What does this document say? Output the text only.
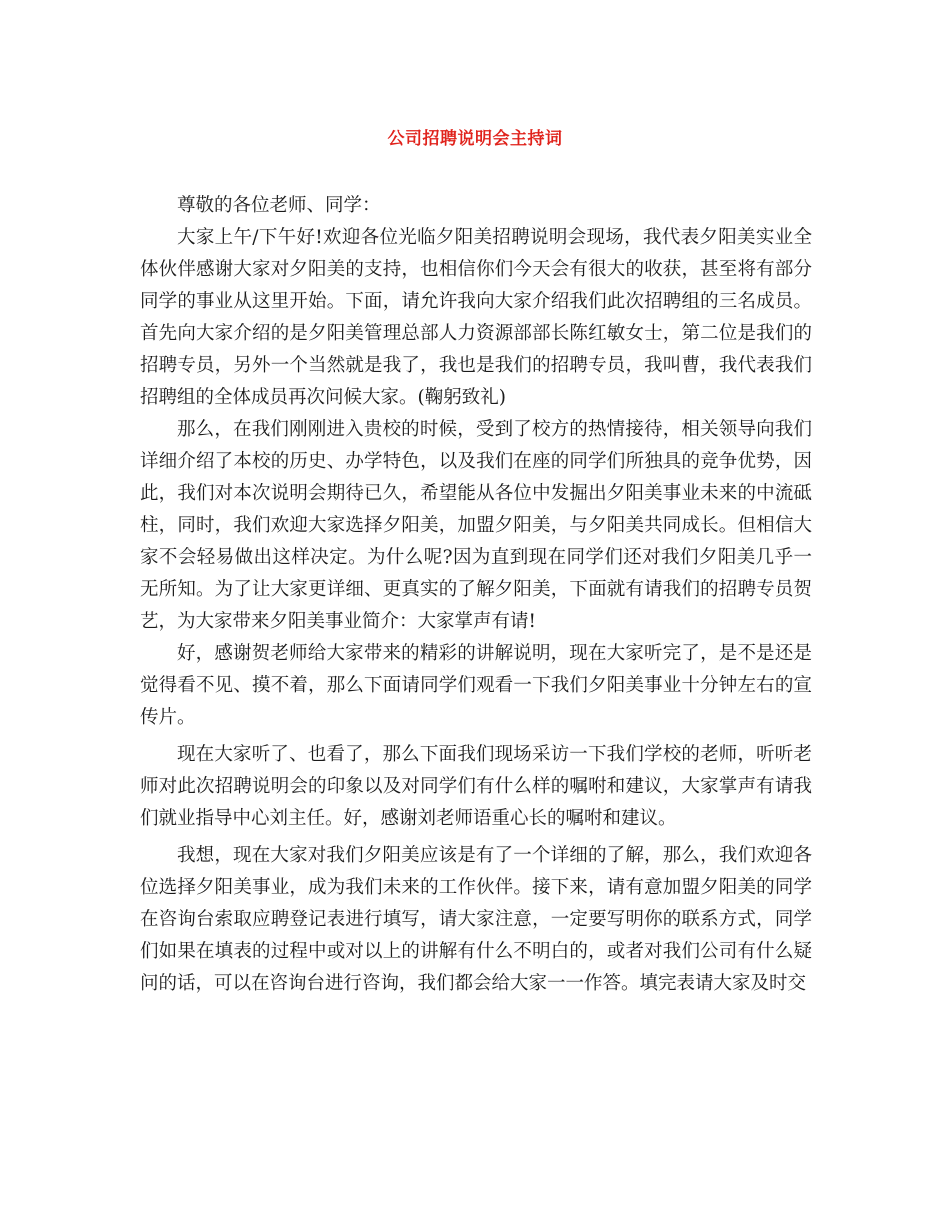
公司招聘说明会主持词

尊敬的各位老师、同学：

大家上午/下午好!欢迎各位光临夕阳美招聘说明会现场，我代表夕阳美实业全体伙伴感谢大家对夕阳美的支持，也相信你们今天会有很大的收获，甚至将有部分同学的事业从这里开始。下面，请允许我向大家介绍我们此次招聘组的三名成员。首先向大家介绍的是夕阳美管理总部人力资源部部长陈红敏女士，第二位是我们的招聘专员，另外一个当然就是我了，我也是我们的招聘专员，我叫曹，我代表我们招聘组的全体成员再次问候大家。(鞠躬致礼)

那么，在我们刚刚进入贵校的时候，受到了校方的热情接待，相关领导向我们详细介绍了本校的历史、办学特色，以及我们在座的同学们所独具的竞争优势，因此，我们对本次说明会期待已久，希望能从各位中发掘出夕阳美事业未来的中流砥柱，同时，我们欢迎大家选择夕阳美，加盟夕阳美，与夕阳美共同成长。但相信大家不会轻易做出这样决定。为什么呢?因为直到现在同学们还对我们夕阳美几乎一无所知。为了让大家更详细、更真实的了解夕阳美，下面就有请我们的招聘专员贺艺，为大家带来夕阳美事业简介：大家掌声有请!

好，感谢贺老师给大家带来的精彩的讲解说明，现在大家听完了，是不是还是觉得看不见、摸不着，那么下面请同学们观看一下我们夕阳美事业十分钟左右的宣传片。

现在大家听了、也看了，那么下面我们现场采访一下我们学校的老师，听听老师对此次招聘说明会的印象以及对同学们有什么样的嘱咐和建议，大家掌声有请我们就业指导中心刘主任。好，感谢刘老师语重心长的嘱咐和建议。

我想，现在大家对我们夕阳美应该是有了一个详细的了解，那么，我们欢迎各位选择夕阳美事业，成为我们未来的工作伙伴。接下来，请有意加盟夕阳美的同学在咨询台索取应聘登记表进行填写，请大家注意，一定要写明你的联系方式，同学们如果在填表的过程中或对以上的讲解有什么不明白的，或者对我们公司有什么疑问的话，可以在咨询台进行咨询，我们都会给大家一一作答。填完表请大家及时交
